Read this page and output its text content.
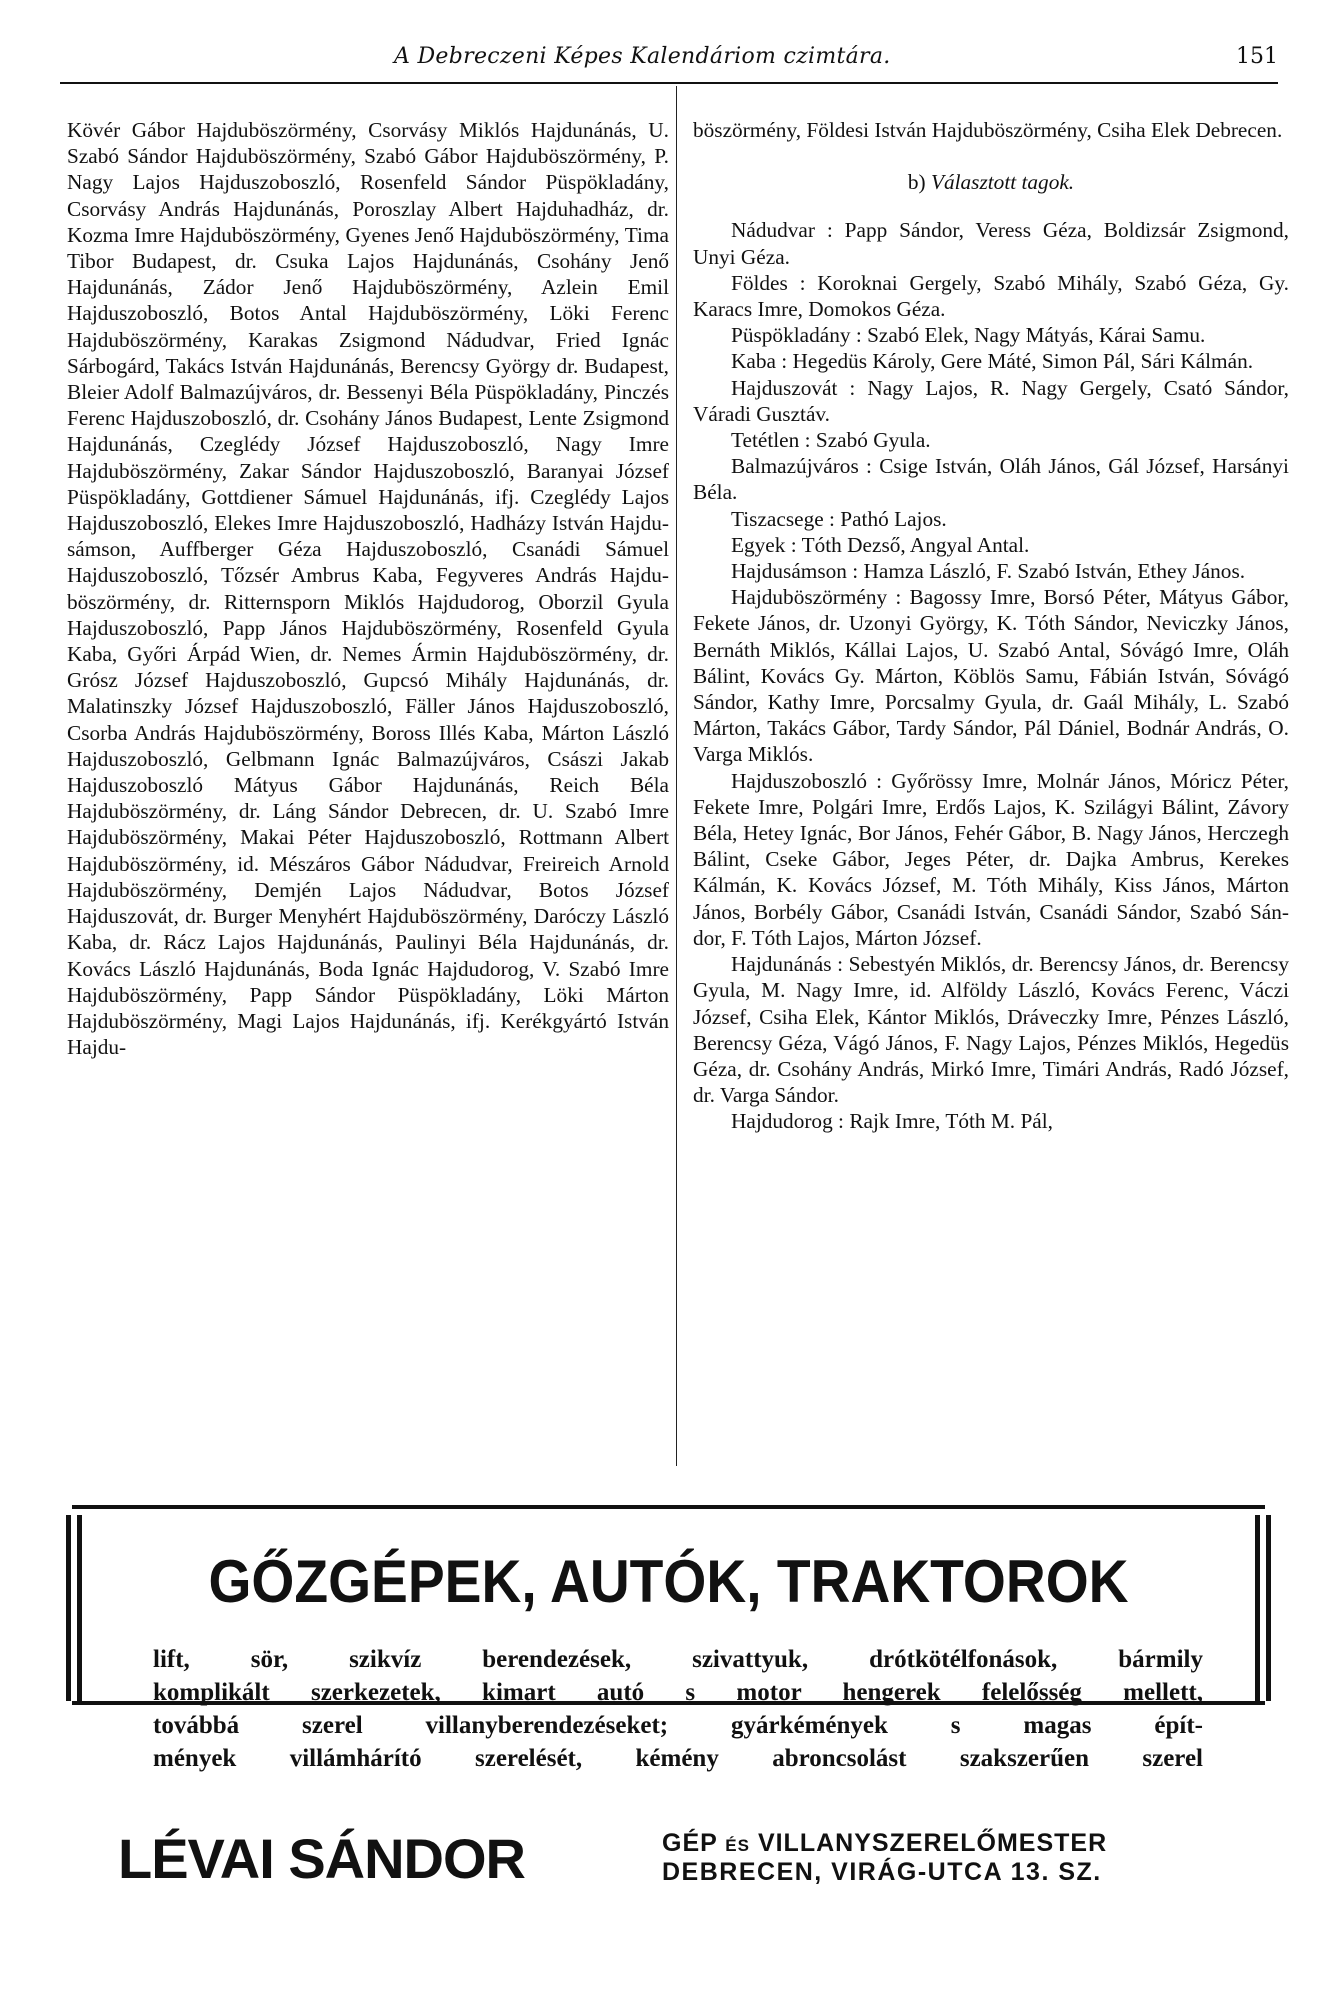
A Debreczeni Képes Kalendáriom czimtára.	151

Kövér Gábor Hajduböszörmény, Csorvásy Miklós Hajdunánás, U. Szabó Sándor Hajduböszörmény, Szabó Gábor Hajduböszörmény, P. Nagy Lajos Hajduszoboszló, Rosenfeld Sándor Püspökladány, Csorvásy András Hajdunánás, Poroszlay Albert Hajduhadház, dr. Kozma Imre Hajduböszörmény, Gyenes Jenő Hajduböszörmény, Tima Tibor Budapest, dr. Csuka Lajos Hajdunánás, Csohány Jenő Hajdunánás, Zádor Jenő Hajduböszörmény, Azlein Emil Hajduszoboszló, Botos Antal Hajduböszörmény, Löki Ferenc Hajduböszörmény, Karakas Zsigmond Nádudvar, Fried Ignác Sárbogárd, Takács István Hajdunánás, Berencsy György dr. Budapest, Bleier Adolf Balmazújváros, dr. Bessenyi Béla Püspökladány, Pinczés Ferenc Hajduszoboszló, dr. Csohány János Budapest, Lente Zsigmond Hajdunánás, Czeglédy József Hajduszoboszló, Nagy Imre Hajduböszörmény, Zakar Sándor Hajduszoboszló, Baranyai József Püspökladány, Gottdiener Sámuel Hajdunánás, ifj. Czeglédy Lajos Hajduszoboszló, Elekes Imre Hajduszoboszló, Hadházy István Hajdusámson, Auffberger Géza Hajduszoboszló, Csanádi Sámuel Hajduszoboszló, Tőzsér Ambrus Kaba, Fegyveres András Hajduböszörmény, dr. Ritternsporn Miklós Hajdudorog, Oborzil Gyula Hajduszoboszló, Papp János Hajduböszörmény, Rosenfeld Gyula Kaba, Győri Árpád Wien, dr. Nemes Ármin Hajduböszörmény, dr. Grósz József Hajduszoboszló, Gupcsó Mihály Hajdunánás, dr. Malatinszky József Hajduszoboszló, Fäller János Hajduszoboszló, Csorba András Hajduböszörmény, Boross Illés Kaba, Márton László Hajduszoboszló, Gelbmann Ignác Balmazújváros, Császi Jakab Hajduszoboszló Mátyus Gábor Hajdunánás, Reich Béla Hajduböszörmény, dr. Láng Sándor Debrecen, dr. U. Szabó Imre Hajduböszörmény, Makai Péter Hajduszoboszló, Rottmann Albert Hajduböszörmény, id. Mészáros Gábor Nádudvar, Freireich Arnold Hajduböszörmény, Demjén Lajos Nádudvar, Botos József Hajduszovát, dr. Burger Menyhért Hajduböszörmény, Daróczy László Kaba, dr. Rácz Lajos Hajdunánás, Paulinyi Béla Hajdunánás, dr. Kovács László Hajdunánás, Boda Ignác Hajdudorog, V. Szabó Imre Hajduböszörmény, Papp Sándor Püspökladány, Löki Márton Hajduböszörmény, Magi Lajos Hajdunánás, ifj. Kerékgyártó István Hajdu-

böszörmény, Földesi István Hajduböszörmény, Csiha Elek Debrecen.

b) Választott tagok.

Nádudvar : Papp Sándor, Veress Géza, Boldizsár Zsigmond, Unyi Géza.

Földes : Koroknai Gergely, Szabó Mihály, Szabó Géza, Gy. Karacs Imre, Domokos Géza.

Püspökladány : Szabó Elek, Nagy Mátyás, Kárai Samu.

Kaba : Hegedüs Károly, Gere Máté, Simon Pál, Sári Kálmán.

Hajduszovát : Nagy Lajos, R. Nagy Gergely, Csató Sándor, Váradi Gusztáv.

Tetétlen : Szabó Gyula.

Balmazújváros : Csige István, Oláh János, Gál József, Harsányi Béla.

Tiszacsege : Pathó Lajos.

Egyek : Tóth Dezső, Angyal Antal.

Hajdusámson : Hamza László, F. Szabó István, Ethey János.

Hajduböszörmény : Bagossy Imre, Borsó Péter, Mátyus Gábor, Fekete János, dr. Uzonyi György, K. Tóth Sándor, Neviczky János, Bernáth Miklós, Kállai Lajos, U. Szabó Antal, Sóvágó Imre, Oláh Bálint, Kovács Gy. Márton, Köblös Samu, Fábián István, Sóvágó Sándor, Kathy Imre, Porcsalmy Gyula, dr. Gaál Mihály, L. Szabó Márton, Takács Gábor, Tardy Sándor, Pál Dániel, Bodnár András, O. Varga Miklós.

Hajduszoboszló : Győrössy Imre, Molnár János, Móricz Péter, Fekete Imre, Polgári Imre, Erdős Lajos, K. Szilágyi Bálint, Závory Béla, Hetey Ignác, Bor János, Fehér Gábor, B. Nagy János, Herczegh Bálint, Cseke Gábor, Jeges Péter, dr. Dajka Ambrus, Kerekes Kálmán, K. Kovács József, M. Tóth Mihály, Kiss János, Márton János, Borbély Gábor, Csanádi István, Csanádi Sándor, Szabó Sándor, F. Tóth Lajos, Márton József.

Hajdunánás : Sebestyén Miklós, dr. Berencsy János, dr. Berencsy Gyula, M. Nagy Imre, id. Alföldy László, Kovács Ferenc, Váczi József, Csiha Elek, Kántor Miklós, Dráveczky Imre, Pénzes László, Berencsy Géza, Vágó János, F. Nagy Lajos, Pénzes Miklós, Hegedüs Géza, dr. Csohány András, Mirkó Imre, Timári András, Radó József, dr. Varga Sándor.

Hajdudorog : Rajk Imre, Tóth M. Pál,

GŐZGÉPEK, AUTÓK, TRAKTOROK

lift, sör, szikvíz berendezések, szivattyuk, drótkötélfonások, bármily

komplikált szerkezetek, kimart autó s motor hengerek felelősség mellett,

továbbá szerel villanyberendezéseket; gyárkémények s magas épít-

mények villámhárító szerelését, kémény abroncsolást szakszerűen szerel

LÉVAI SÁNDOR	GÉP ÉS VILLANYSZERELŐMESTER
DEBRECEN, VIRÁG-UTCA 13. SZ.
